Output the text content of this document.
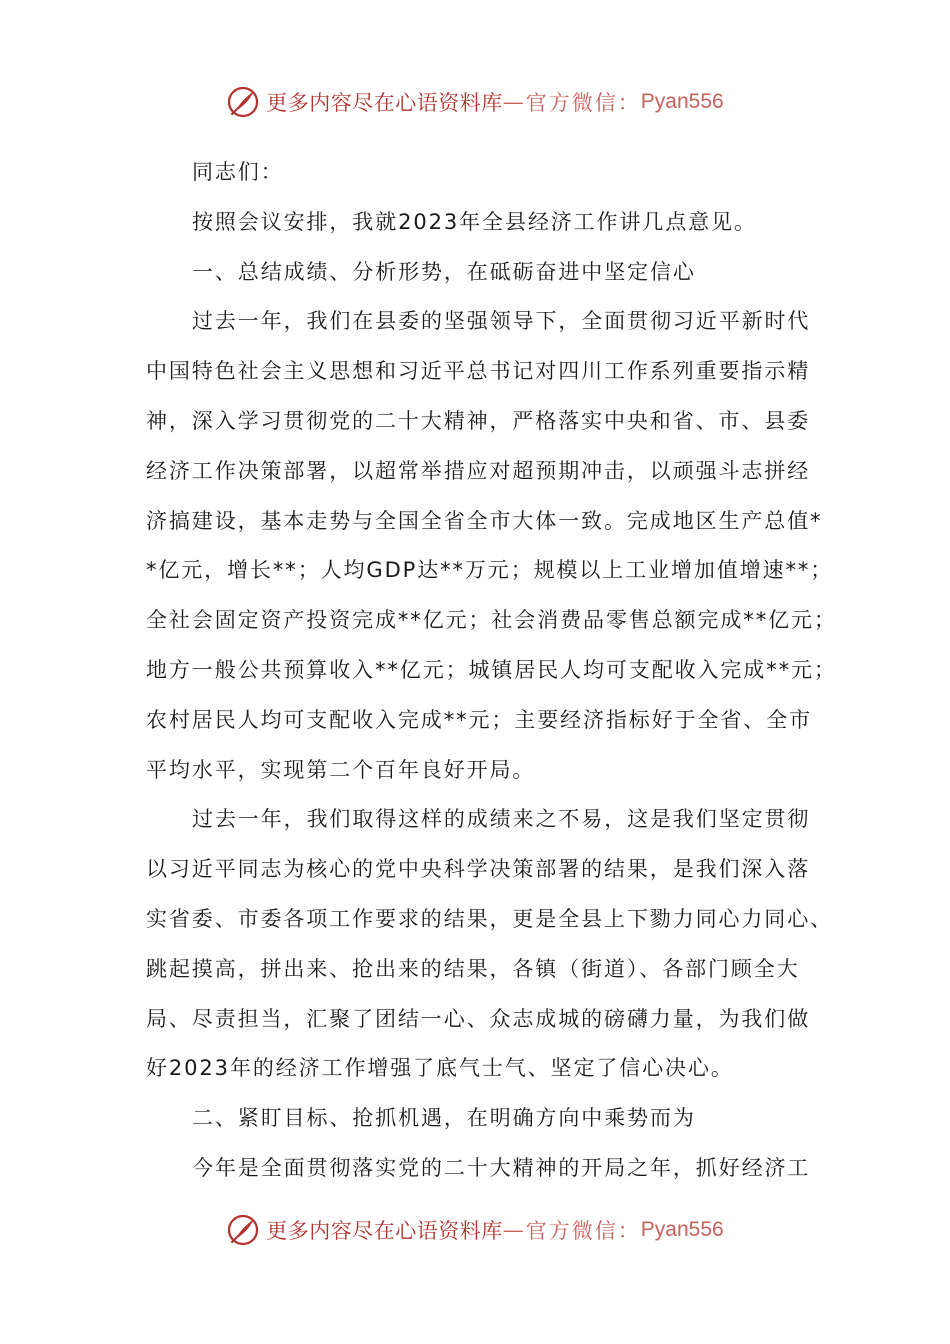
更多内容尽在心语资料库 — 官方微信： Pyan556

同志们：

按照会议安排，我就2023年全县经济工作讲几点意见。

一、总结成绩、分析形势，在砥砺奋进中坚定信心

过去一年，我们在县委的坚强领导下，全面贯彻习近平新时代

中国特色社会主义思想和习近平总书记对四川工作系列重要指示精

神，深入学习贯彻党的二十大精神，严格落实中央和省、市、县委

经济工作决策部署，以超常举措应对超预期冲击，以顽强斗志拼经

济搞建设，基本走势与全国全省全市大体一致。完成地区生产总值*

*亿元，增长**；人均GDP达**万元；规模以上工业增加值增速**；

全社会固定资产投资完成**亿元；社会消费品零售总额完成**亿元；

地方一般公共预算收入**亿元；城镇居民人均可支配收入完成**元；

农村居民人均可支配收入完成**元；主要经济指标好于全省、全市

平均水平，实现第二个百年良好开局。

过去一年，我们取得这样的成绩来之不易，这是我们坚定贯彻

以习近平同志为核心的党中央科学决策部署的结果，是我们深入落

实省委、市委各项工作要求的结果，更是全县上下勠力同心力同心、

跳起摸高，拼出来、抢出来的结果，各镇（街道）、各部门顾全大

局、尽责担当，汇聚了团结一心、众志成城的磅礴力量，为我们做

好2023年的经济工作增强了底气士气、坚定了信心决心。

二、紧盯目标、抢抓机遇，在明确方向中乘势而为

今年是全面贯彻落实党的二十大精神的开局之年，抓好经济工

更多内容尽在心语资料库 — 官方微信： Pyan556
